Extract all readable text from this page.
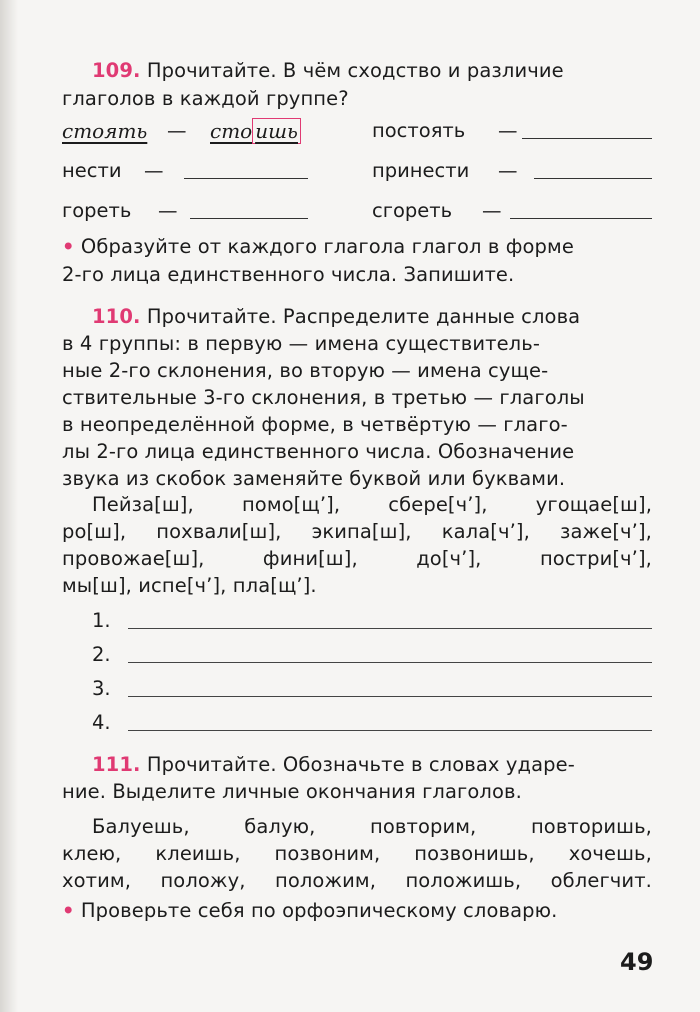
109. Прочитайте. В чём сходство и различие
глаголов в каждой группе?
стоять — сто ишь	постоять —
нести —	принести —
гореть —	сгореть —
• Образуйте от каждого глагола глагол в форме
2-го лица единственного числа. Запишите.
110. Прочитайте. Распределите данные слова
в 4 группы: в первую — имена существитель-
ные 2-го склонения, во вторую — имена суще-
ствительные 3-го склонения, в третью — глаголы
в неопределённой форме, в четвёртую — глаго-
лы 2-го лица единственного числа. Обозначение
звука из скобок заменяйте буквой или буквами.
Пейза[ш], помо[щ’], сбере[ч’], угощае[ш],
ро[ш], похвали[ш], экипа[ш], кала[ч’], заже[ч’],
провожае[ш],	фини[ш],	до[ч’],	постри[ч’],
мы[ш], испе[ч’], пла[щ’].
1.
2.
3.
4.
111. Прочитайте. Обозначьте в словах ударе-
ние. Выделите личные окончания глаголов.
Балуешь,	балую,	повторим,	повторишь,
клею, клеишь, позвоним, позвонишь, хочешь,
хотим, положу, положим, положишь, облегчит.
• Проверьте себя по орфоэпическому словарю.
49
